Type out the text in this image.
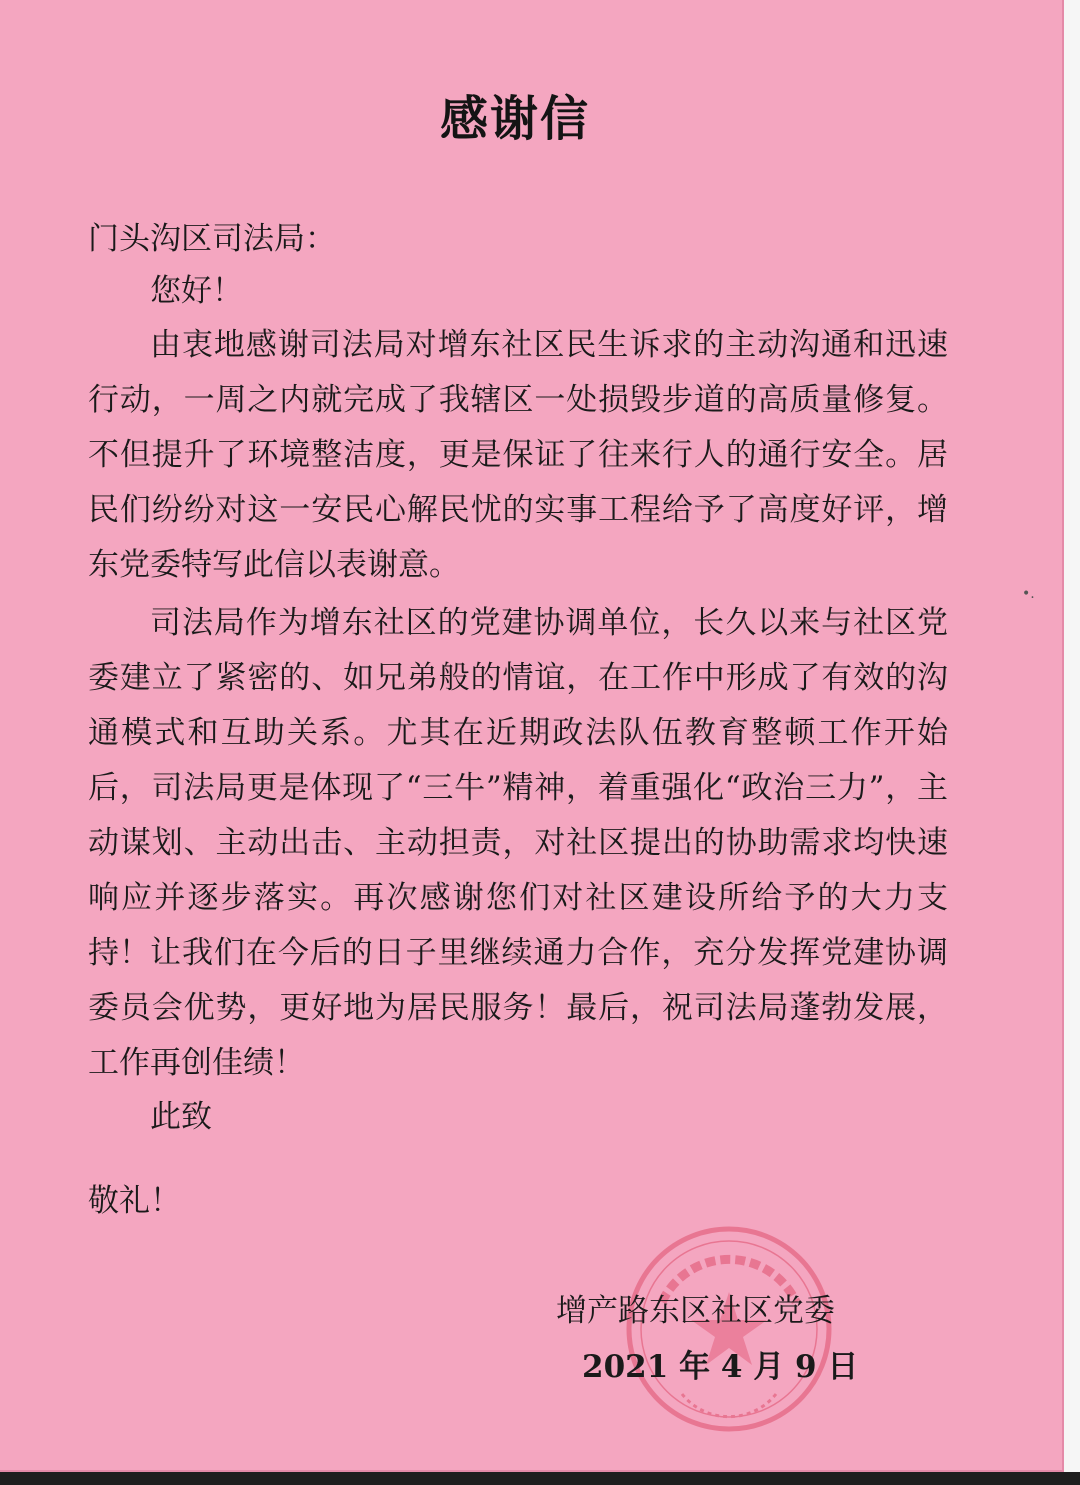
感谢信

门头沟区司法局：

您好！

由衷地感谢司法局对增东社区民生诉求的主动沟通和迅速行动，一周之内就完成了我辖区一处损毁步道的高质量修复。不但提升了环境整洁度，更是保证了往来行人的通行安全。居民们纷纷对这一安民心解民忧的实事工程给予了高度好评，增东党委特写此信以表谢意。

司法局作为增东社区的党建协调单位，长久以来与社区党委建立了紧密的、如兄弟般的情谊，在工作中形成了有效的沟通模式和互助关系。尤其在近期政法队伍教育整顿工作开始后，司法局更是体现了“三牛”精神，着重强化“政治三力”，主动谋划、主动出击、主动担责，对社区提出的协助需求均快速响应并逐步落实。再次感谢您们对社区建设所给予的大力支持！ 让我们在今后的日子里继续通力合作，充分发挥党建协调委员会优势，更好地为居民服务！最后，祝司法局蓬勃发展，工作再创佳绩！

此致

敬礼！

增产路东区社区党委
2021 年 4 月 9 日
•.
